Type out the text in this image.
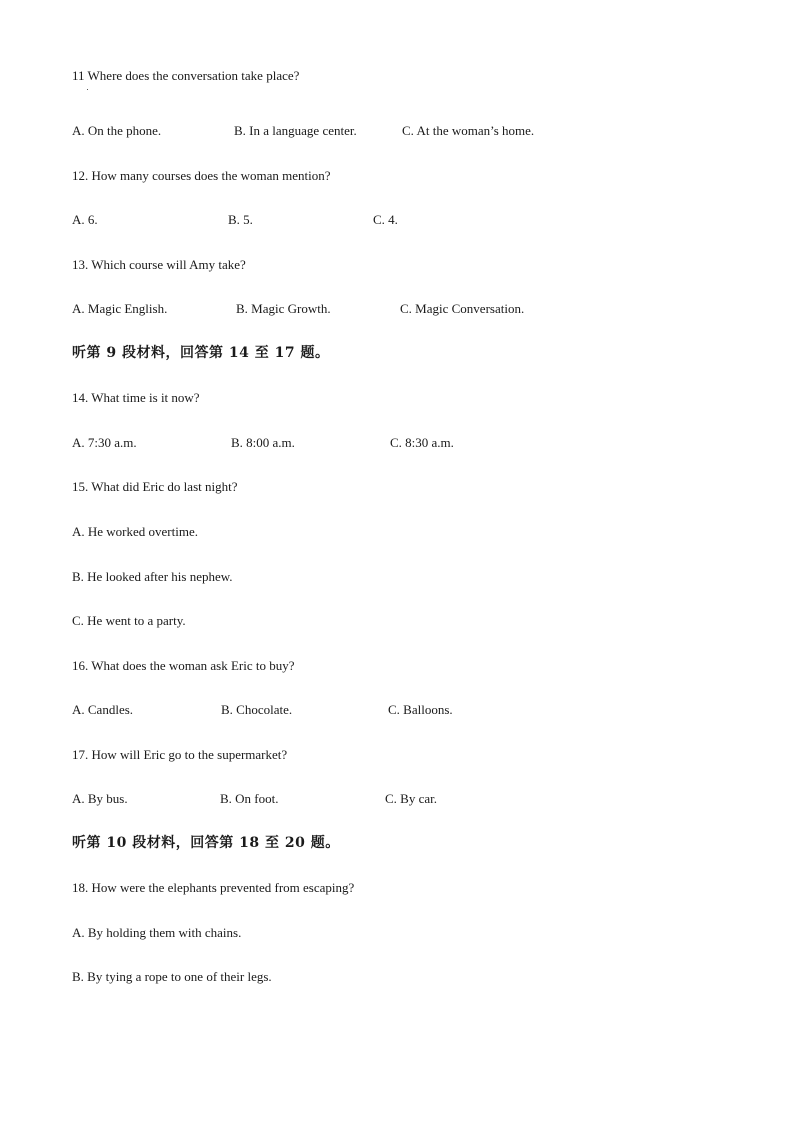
11 Where does the conversation take place?
A. On the phone.	B. In a language center.	C. At the woman’s home.
12. How many courses does the woman mention?
A. 6.	B. 5.	C. 4.
13. Which course will Amy take?
A. Magic English.	B. Magic Growth.	C. Magic Conversation.
听第 9 段材料，回答第 14 至 17 题。
14. What time is it now?
A. 7:30 a.m.	B. 8:00 a.m.	C. 8:30 a.m.
15. What did Eric do last night?
A. He worked overtime.
B. He looked after his nephew.
C. He went to a party.
16. What does the woman ask Eric to buy?
A. Candles.	B. Chocolate.	C. Balloons.
17. How will Eric go to the supermarket?
A. By bus.	B. On foot.	C. By car.
听第 10 段材料，回答第 18 至 20 题。
18. How were the elephants prevented from escaping?
A. By holding them with chains.
B. By tying a rope to one of their legs.
